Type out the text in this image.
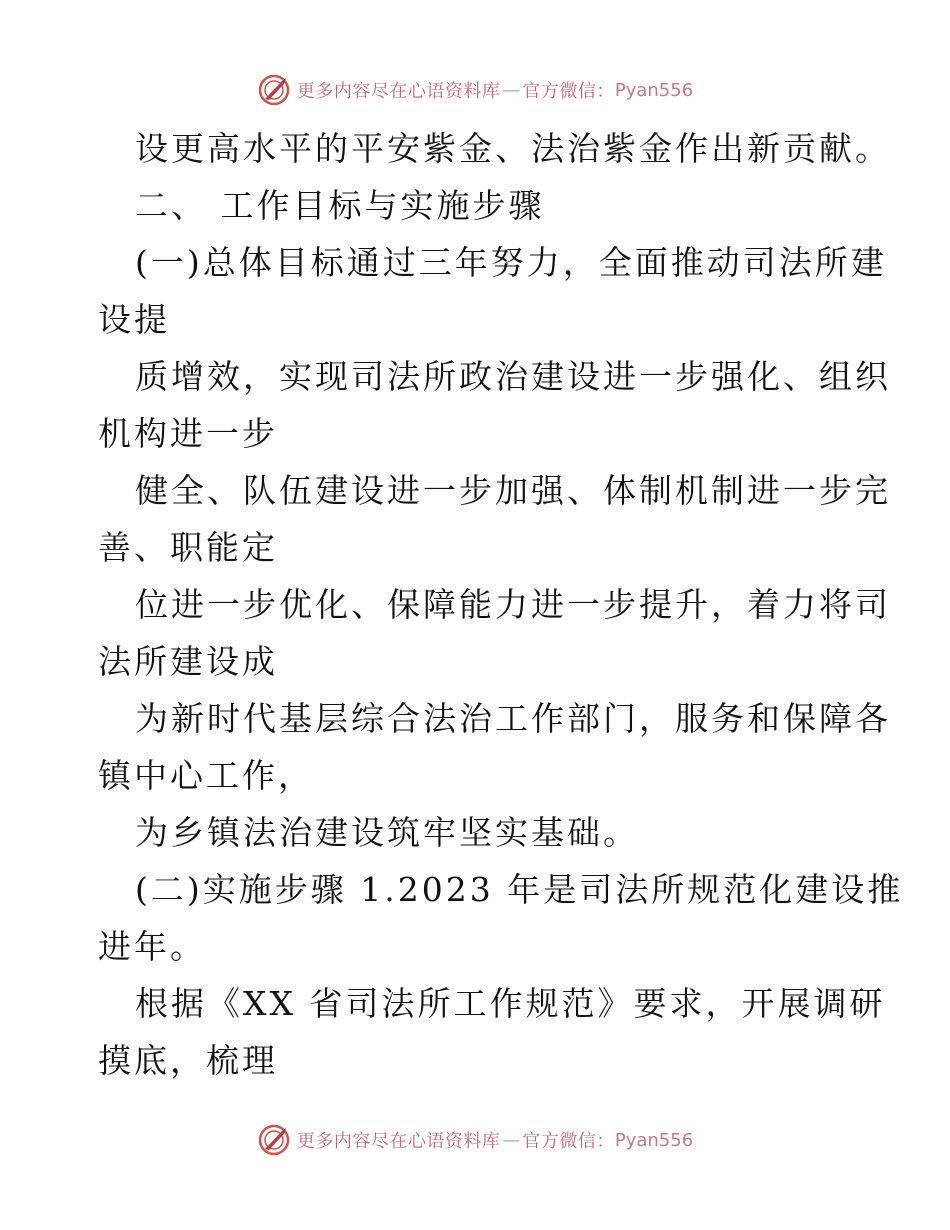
更多内容尽在心语资料库 — 官方微信： Pyan556
设更高水平的平安紫金、法治紫金作出新贡献。
二、 工作目标与实施步骤
(一)总体目标通过三年努力，全面推动司法所建
设提
质增效，实现司法所政治建设进一步强化、组织
机构进一步
健全、队伍建设进一步加强、体制机制进一步完
善、职能定
位进一步优化、保障能力进一步提升，着力将司
法所建设成
为新时代基层综合法治工作部门，服务和保障各
镇中心工作，
为乡镇法治建设筑牢坚实基础。
(二)实施步骤 1.2023 年是司法所规范化建设推
进年。
根据《XX 省司法所工作规范》要求，开展调研
摸底，梳理
更多内容尽在心语资料库 — 官方微信： Pyan556
